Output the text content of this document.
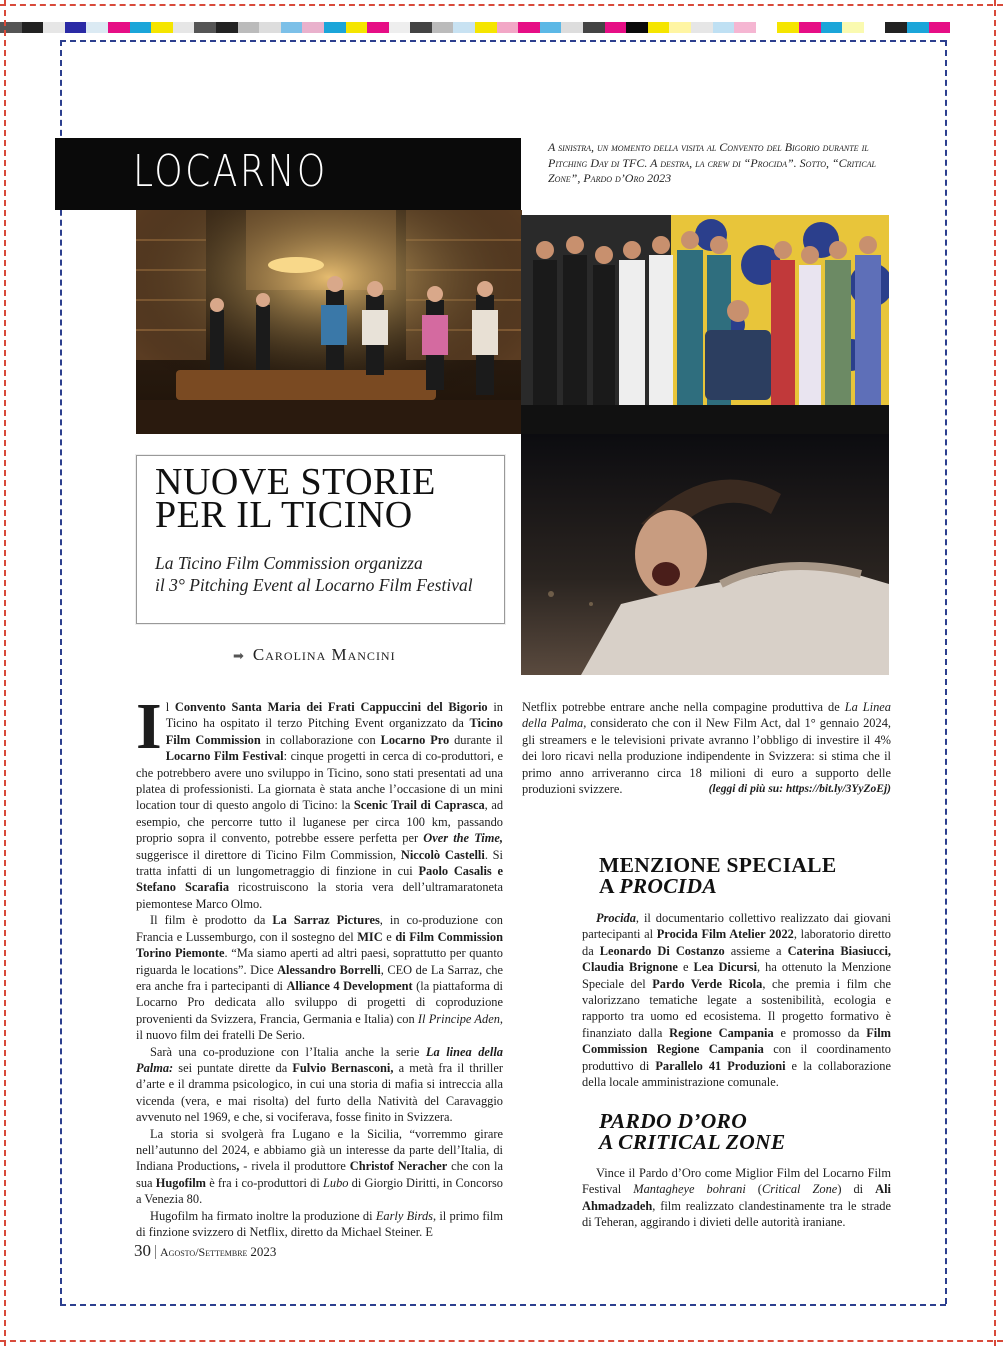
LOCARNO	A sinistra, un momento della visita al Convento del Bigorio durante il Pitching Day di TFC. A destra, la crew di “Procida”. Sotto, “Critical Zone”, Pardo d’Oro 2023
NUOVE STORIE
PER IL TICINO

La Ticino Film Commission organizza
il 3° Pitching Event al Locarno Film Festival

➡ Carolina Mancini

Il Convento Santa Maria dei Frati Cappuccini del Bigorio in Ticino ha ospitato il terzo Pitching Event organizzato da Ticino Film Commission in collaborazione con Locarno Pro durante il Locarno Film Festival: cinque progetti in cerca di co-produttori, e che potrebbero avere uno sviluppo in Ticino, sono stati presentati ad una platea di professionisti. La giornata è stata anche l’occasione di un mini location tour di questo angolo di Ticino: la Scenic Trail di Caprasca, ad esempio, che percorre tutto il luganese per circa 100 km, passando proprio sopra il convento, potrebbe essere perfetta per Over the Time, suggerisce il direttore di Ticino Film Commission, Niccolò Castelli. Si tratta infatti di un lungometraggio di finzione in cui Paolo Casalis e Stefano Scarafia ricostruiscono la storia vera dell’ultramaratoneta piemontese Marco Olmo.

Il film è prodotto da La Sarraz Pictures, in co-produzione con Francia e Lussemburgo, con il sostegno del MIC e di Film Commission Torino Piemonte. “Ma siamo aperti ad altri paesi, soprattutto per quanto riguarda le locations”. Dice Alessandro Borrelli, CEO de La Sarraz, che era anche fra i partecipanti di Alliance 4 Development (la piattaforma di Locarno Pro dedicata allo sviluppo di progetti di coproduzione provenienti da Svizzera, Francia, Germania e Italia) con Il Principe Aden, il nuovo film dei fratelli De Serio.

Sarà una co-produzione con l’Italia anche la serie La linea della Palma: sei puntate dirette da Fulvio Bernasconi, a metà fra il thriller d’arte e il dramma psicologico, in cui una storia di mafia si intreccia alla vicenda (vera, e mai risolta) del furto della Natività del Caravaggio avvenuto nel 1969, e che, si vociferava, fosse finito in Svizzera.

La storia si svolgerà fra Lugano e la Sicilia, “vorremmo girare nell’autunno del 2024, e abbiamo già un interesse da parte dell’Italia, di Indiana Productions, - rivela il produttore Christof Neracher che con la sua Hugofilm è fra i co-produttori di Lubo di Giorgio Diritti, in Concorso a Venezia 80.

Hugofilm ha firmato inoltre la produzione di Early Birds, il primo film di finzione svizzero di Netflix, diretto da Michael Steiner. E

Netflix potrebbe entrare anche nella compagine produttiva de La Linea della Palma, considerato che con il New Film Act, dal 1° gennaio 2024, gli streamers e le televisioni private avranno l’obbligo di investire il 4% dei loro ricavi nella produzione indipendente in Svizzera: si stima che il primo anno arriveranno circa 18 milioni di euro a supporto delle produzioni svizzere.	(leggi di più su: https://bit.ly/3YyZoEj)

MENZIONE SPECIALE
A PROCIDA

Procida, il documentario collettivo realizzato dai giovani partecipanti al Procida Film Atelier 2022, laboratorio diretto da Leonardo Di Costanzo assieme a Caterina Biasiucci, Claudia Brignone e Lea Dicursi, ha ottenuto la Menzione Speciale del Pardo Verde Ricola, che premia i film che valorizzano tematiche legate a sostenibilità, ecologia e rapporto tra uomo ed ecosistema. Il progetto formativo è finanziato dalla Regione Campania e promosso da Film Commission Regione Campania con il coordinamento produttivo di Parallelo 41 Produzioni e la collaborazione della locale amministrazione comunale.

PARDO D’ORO
A CRITICAL ZONE

Vince il Pardo d’Oro come Miglior Film del Locarno Film Festival Mantagheye bohrani (Critical Zone) di Ali Ahmadzadeh, film realizzato clandestinamente tra le strade di Teheran, aggirando i divieti delle autorità iraniane.

30 Agosto/Settembre 2023
